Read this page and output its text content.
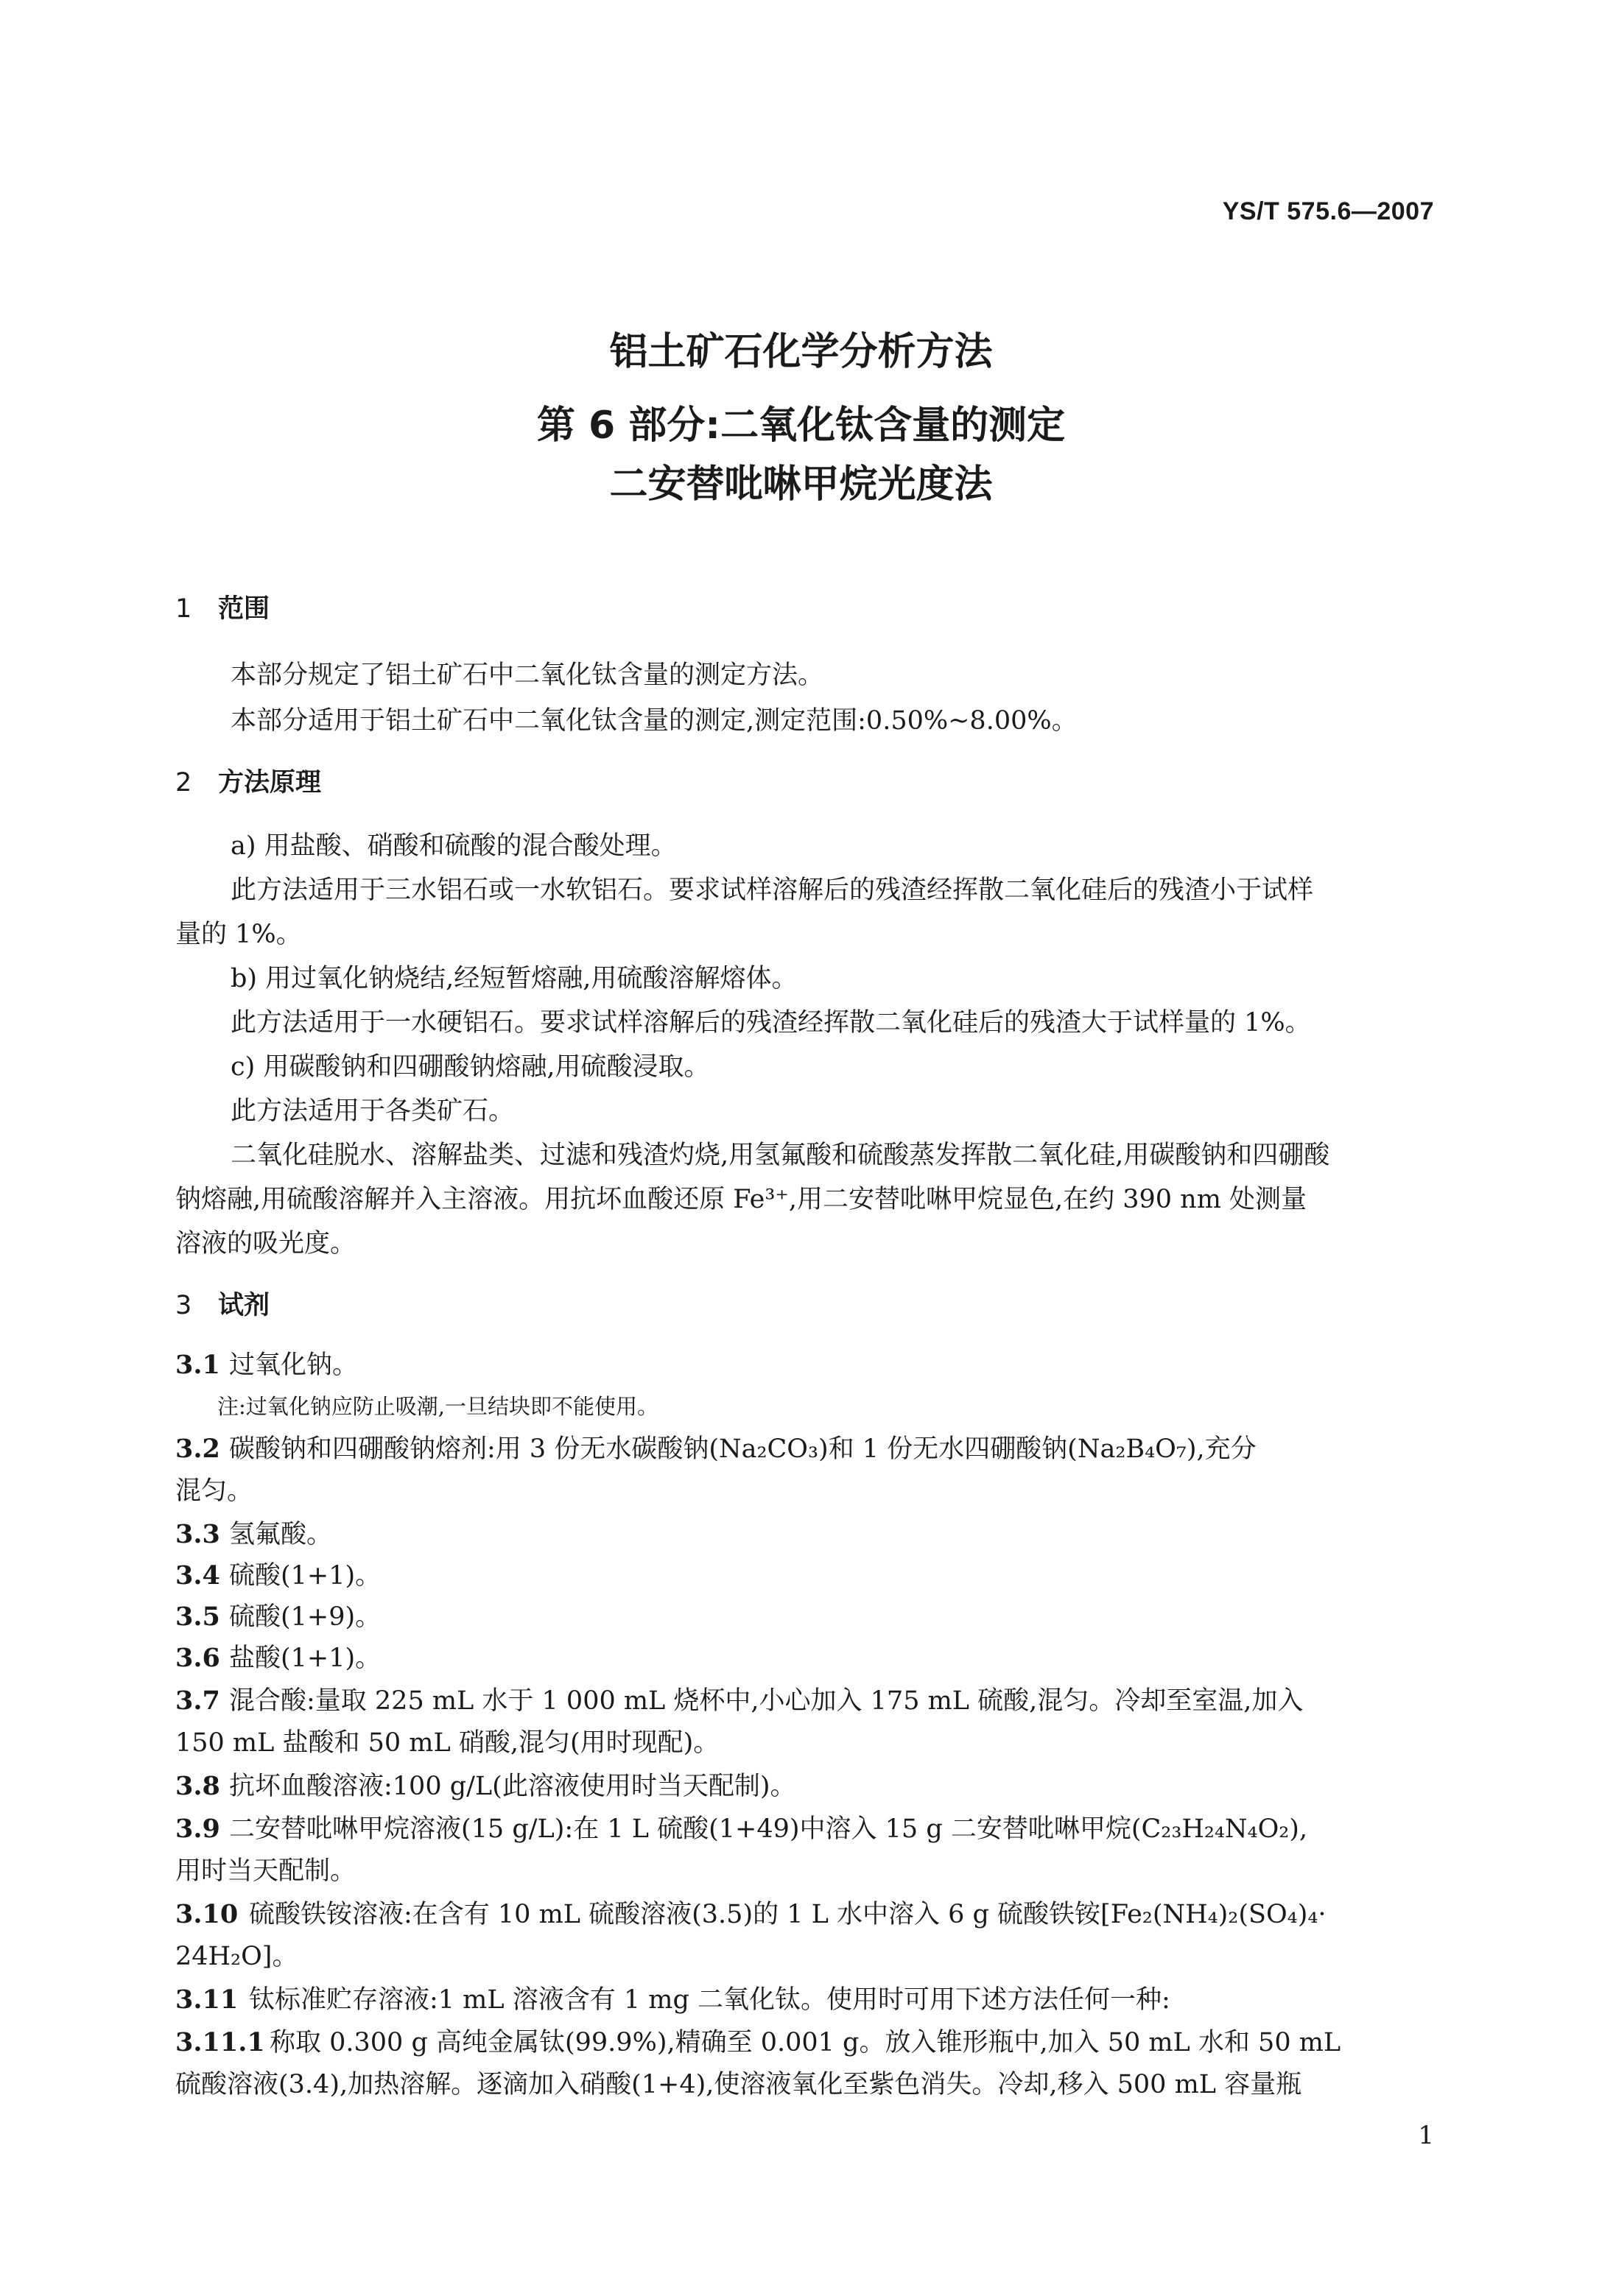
YS/T 575.6—2007
铝土矿石化学分析方法
第 6 部分:二氧化钛含量的测定
二安替吡啉甲烷光度法
1 范围
本部分规定了铝土矿石中二氧化钛含量的测定方法。
本部分适用于铝土矿石中二氧化钛含量的测定,测定范围:0.50%~8.00%。
2 方法原理
a) 用盐酸、硝酸和硫酸的混合酸处理。
此方法适用于三水铝石或一水软铝石。要求试样溶解后的残渣经挥散二氧化硅后的残渣小于试样
量的 1%。
b) 用过氧化钠烧结,经短暂熔融,用硫酸溶解熔体。
此方法适用于一水硬铝石。要求试样溶解后的残渣经挥散二氧化硅后的残渣大于试样量的 1%。
c) 用碳酸钠和四硼酸钠熔融,用硫酸浸取。
此方法适用于各类矿石。
二氧化硅脱水、溶解盐类、过滤和残渣灼烧,用氢氟酸和硫酸蒸发挥散二氧化硅,用碳酸钠和四硼酸
钠熔融,用硫酸溶解并入主溶液。用抗坏血酸还原 Fe³⁺,用二安替吡啉甲烷显色,在约 390 nm 处测量
溶液的吸光度。
3 试剂
3.1 过氧化钠。
注:过氧化钠应防止吸潮,一旦结块即不能使用。
3.2 碳酸钠和四硼酸钠熔剂:用 3 份无水碳酸钠(Na₂CO₃)和 1 份无水四硼酸钠(Na₂B₄O₇),充分
混匀。
3.3 氢氟酸。
3.4 硫酸(1+1)。
3.5 硫酸(1+9)。
3.6 盐酸(1+1)。
3.7 混合酸:量取 225 mL 水于 1 000 mL 烧杯中,小心加入 175 mL 硫酸,混匀。冷却至室温,加入
150 mL 盐酸和 50 mL 硝酸,混匀(用时现配)。
3.8 抗坏血酸溶液:100 g/L(此溶液使用时当天配制)。
3.9 二安替吡啉甲烷溶液(15 g/L):在 1 L 硫酸(1+49)中溶入 15 g 二安替吡啉甲烷(C₂₃H₂₄N₄O₂),
用时当天配制。
3.10 硫酸铁铵溶液:在含有 10 mL 硫酸溶液(3.5)的 1 L 水中溶入 6 g 硫酸铁铵[Fe₂(NH₄)₂(SO₄)₄·
24H₂O]。
3.11 钛标准贮存溶液:1 mL 溶液含有 1 mg 二氧化钛。使用时可用下述方法任何一种:
3.11.1 称取 0.300 g 高纯金属钛(99.9%),精确至 0.001 g。放入锥形瓶中,加入 50 mL 水和 50 mL
硫酸溶液(3.4),加热溶解。逐滴加入硝酸(1+4),使溶液氧化至紫色消失。冷却,移入 500 mL 容量瓶
1
